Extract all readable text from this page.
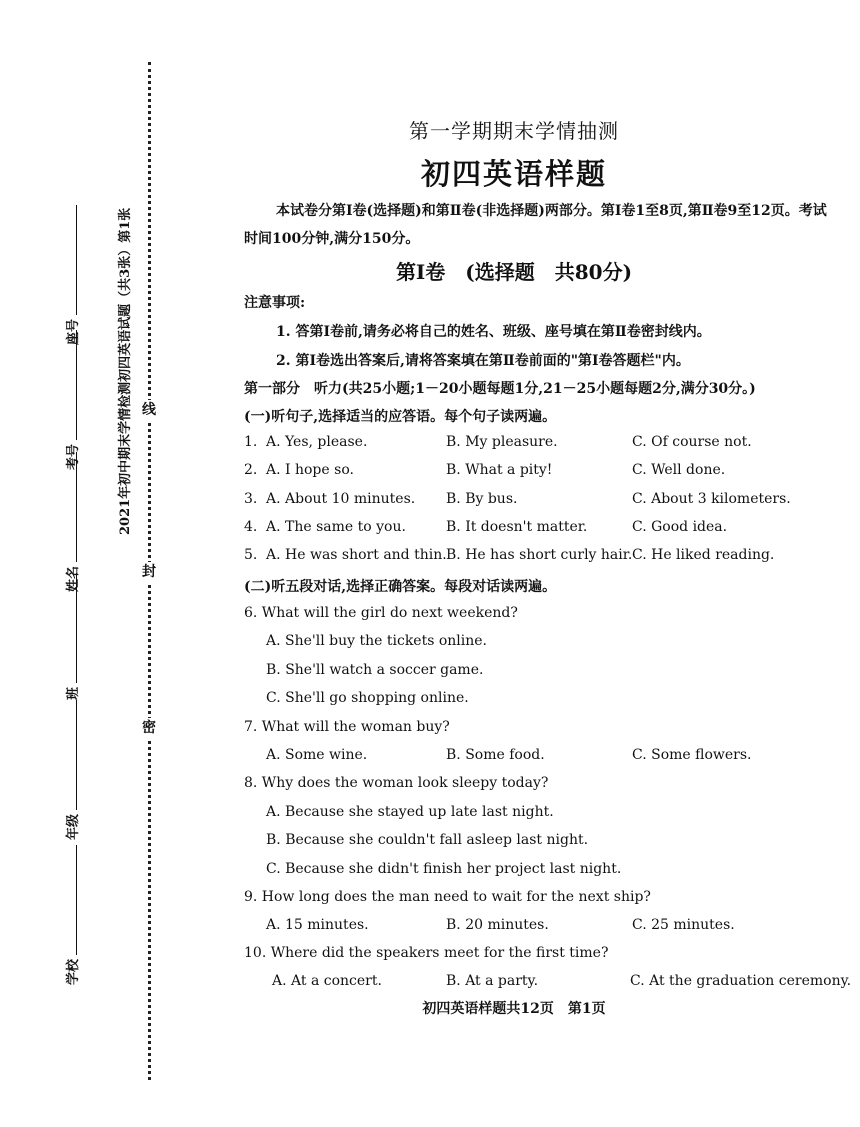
线
封
密
2021年初中期末学情检测初四英语试题（共3张）第1张
学校
年级
班
姓名
考号
座号
第一学期期末学情抽测
初四英语样题
本试卷分第Ⅰ卷(选择题)和第Ⅱ卷(非选择题)两部分。第Ⅰ卷1至8页,第Ⅱ卷9至12页。考试时间100分钟,满分150分。
第Ⅰ卷　(选择题　共80分)
注意事项:
1. 答第Ⅰ卷前,请务必将自己的姓名、班级、座号填在第Ⅱ卷密封线内。
2. 第Ⅰ卷选出答案后,请将答案填在第Ⅱ卷前面的"第Ⅰ卷答题栏"内。
第一部分　听力(共25小题;1－20小题每题1分,21－25小题每题2分,满分30分。)
(一)听句子,选择适当的应答语。每个句子读两遍。
1. A. Yes, please.	B. My pleasure.	C. Of course not.
2. A. I hope so.	B. What a pity!	C. Well done.
3. A. About 10 minutes. B. By bus.	C. About 3 kilometers.
4. A. The same to you.	B. It doesn't matter.	C. Good idea.
5. A. He was short and thin. B. He has short curly hair. C. He liked reading.
(二)听五段对话,选择正确答案。每段对话读两遍。
6. What will the girl do next weekend?
A. She'll buy the tickets online.
B. She'll watch a soccer game.
C. She'll go shopping online.
7. What will the woman buy?
A. Some wine.	B. Some food.	C. Some flowers.
8. Why does the woman look sleepy today?
A. Because she stayed up late last night.
B. Because she couldn't fall asleep last night.
C. Because she didn't finish her project last night.
9. How long does the man need to wait for the next ship?
A. 15 minutes.	B. 20 minutes.	C. 25 minutes.
10. Where did the speakers meet for the first time?
A. At a concert.	B. At a party.	C. At the graduation ceremony.
初四英语样题共12页　第1页
